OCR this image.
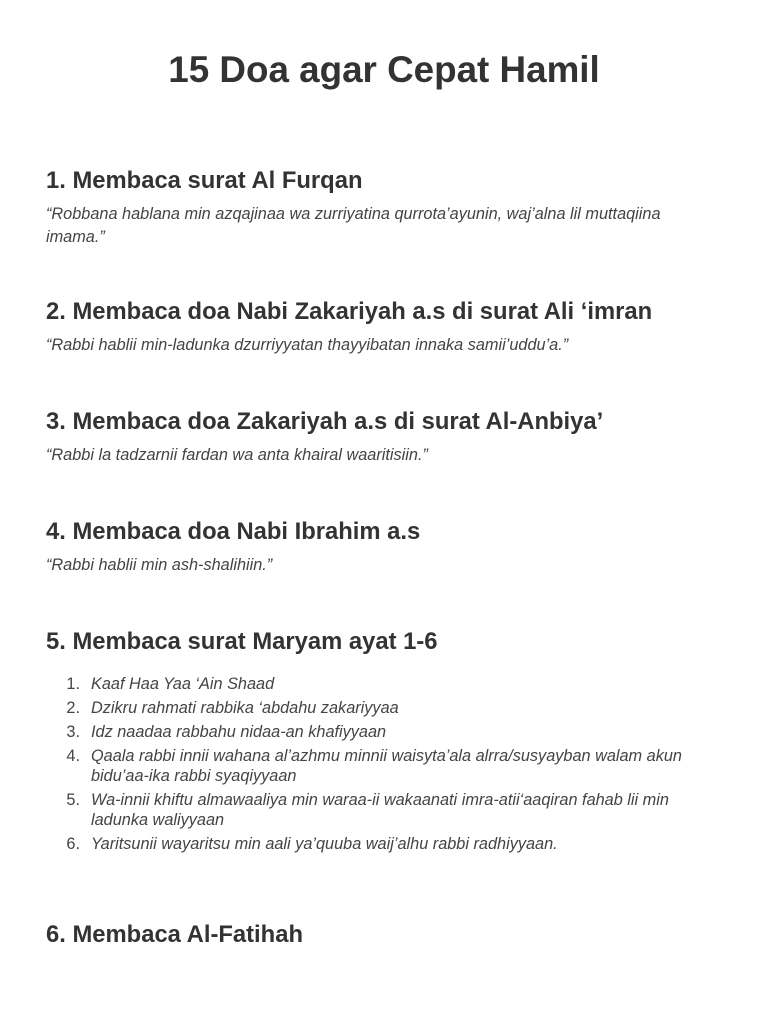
15 Doa agar Cepat Hamil
1. Membaca surat Al Furqan

“Robbana hablana min azqajinaa wa zurriyatina qurrota’ayunin, waj’alna lil muttaqiina imama.”

2. Membaca doa Nabi Zakariyah a.s di surat Ali ‘imran

“Rabbi hablii min-ladunka dzurriyyatan thayyibatan innaka samii’uddu’a.”

3. Membaca doa Zakariyah a.s di surat Al-Anbiya’

“Rabbi la tadzarnii fardan wa anta khairal waaritisiin.”

4. Membaca doa Nabi Ibrahim a.s

“Rabbi hablii min ash-shalihiin.”

5. Membaca surat Maryam ayat 1-6
1. Kaaf Haa Yaa ‘Ain Shaad
2. Dzikru rahmati rabbika ‘abdahu zakariyyaa
3. Idz naadaa rabbahu nidaa-an khafiyyaan
4. Qaala rabbi innii wahana al’azhmu minnii waisyta’ala alrra/susyayban walam akun bidu’aa-ika rabbi syaqiyyaan
5. Wa-innii khiftu almawaaliya min waraa-ii wakaanati imra-atii‘aaqiran fahab lii min ladunka waliyyaan
6. Yaritsunii wayaritsu min aali ya’quuba waij’alhu rabbi radhiyyaan.
6. Membaca Al-Fatihah
